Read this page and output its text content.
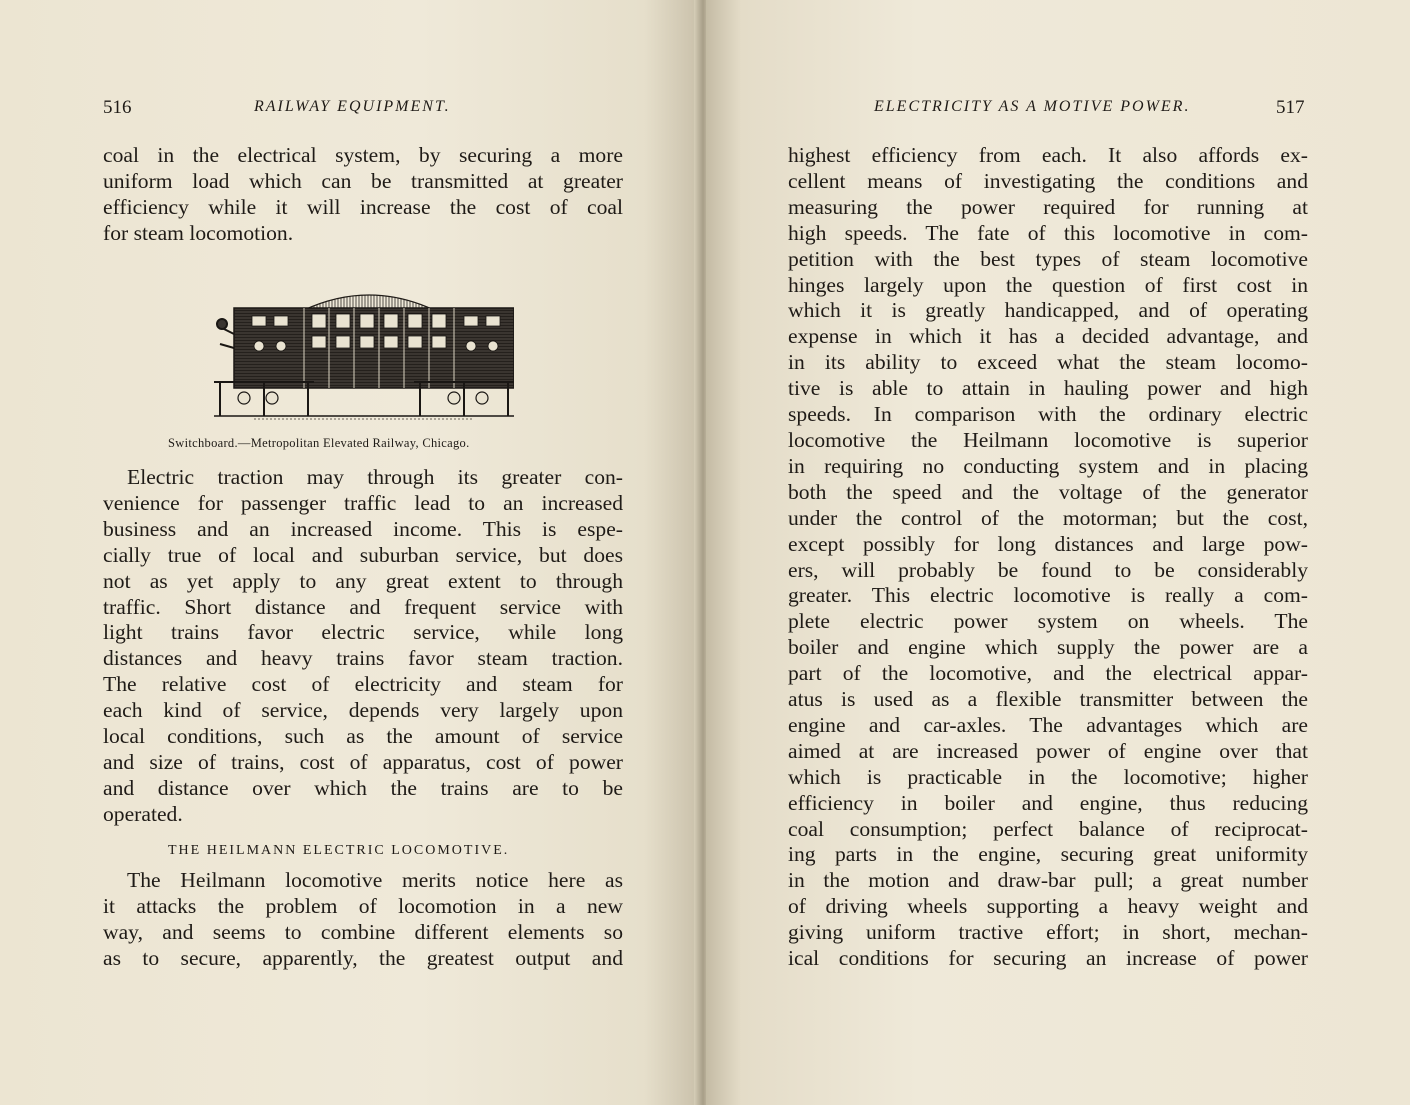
516	RAILWAY EQUIPMENT.
coal in the electrical system, by securing a more
uniform load which can be transmitted at greater
efficiency while it will increase the cost of coal
for steam locomotion.
Switchboard.—Metropolitan Elevated Railway, Chicago.
Electric traction may through its greater con-
venience for passenger traffic lead to an increased
business and an increased income. This is espe-
cially true of local and suburban service, but does
not as yet apply to any great extent to through
traffic. Short distance and frequent service with
light trains favor electric service, while long
distances and heavy trains favor steam traction.
The relative cost of electricity and steam for
each kind of service, depends very largely upon
local conditions, such as the amount of service
and size of trains, cost of apparatus, cost of power
and distance over which the trains are to be
operated.
THE HEILMANN ELECTRIC LOCOMOTIVE.
The Heilmann locomotive merits notice here as
it attacks the problem of locomotion in a new
way, and seems to combine different elements so
as to secure, apparently, the greatest output and
ELECTRICITY AS A MOTIVE POWER.	517
highest efficiency from each. It also affords ex-
cellent means of investigating the conditions and
measuring the power required for running at
high speeds. The fate of this locomotive in com-
petition with the best types of steam locomotive
hinges largely upon the question of first cost in
which it is greatly handicapped, and of operating
expense in which it has a decided advantage, and
in its ability to exceed what the steam locomo-
tive is able to attain in hauling power and high
speeds. In comparison with the ordinary electric
locomotive the Heilmann locomotive is superior
in requiring no conducting system and in placing
both the speed and the voltage of the generator
under the control of the motorman; but the cost,
except possibly for long distances and large pow-
ers, will probably be found to be considerably
greater. This electric locomotive is really a com-
plete electric power system on wheels. The
boiler and engine which supply the power are a
part of the locomotive, and the electrical appar-
atus is used as a flexible transmitter between the
engine and car-axles. The advantages which are
aimed at are increased power of engine over that
which is practicable in the locomotive; higher
efficiency in boiler and engine, thus reducing
coal consumption; perfect balance of reciprocat-
ing parts in the engine, securing great uniformity
in the motion and draw-bar pull; a great number
of driving wheels supporting a heavy weight and
giving uniform tractive effort; in short, mechan-
ical conditions for securing an increase of power
